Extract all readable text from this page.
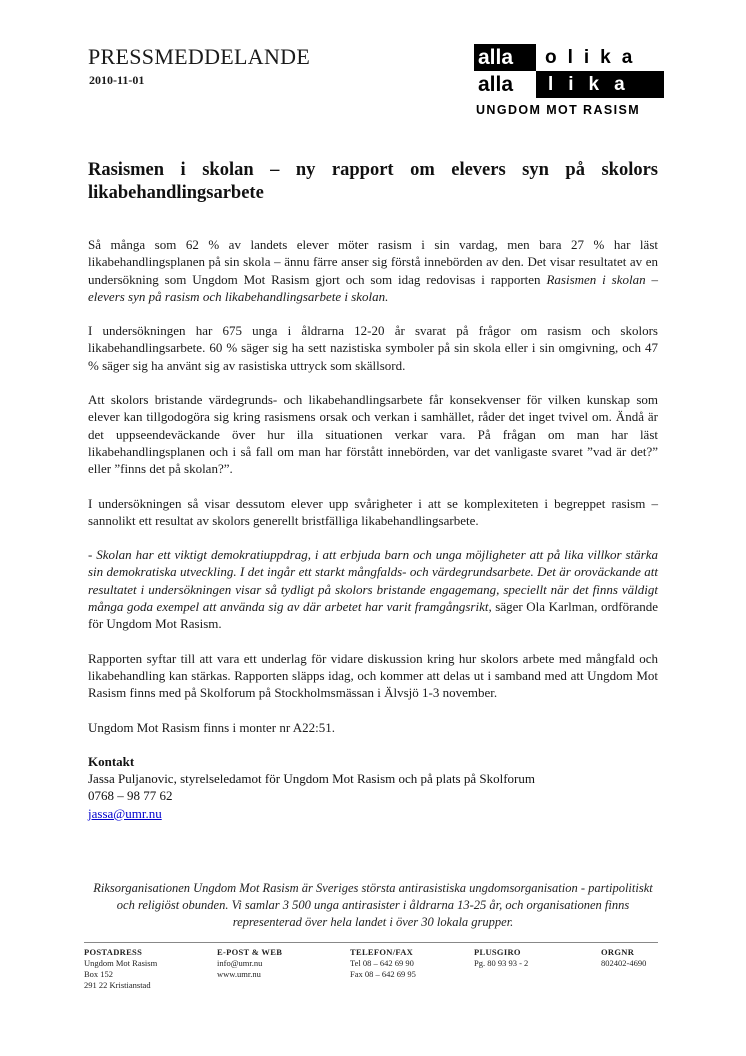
PRESSMEDDELANDE
2010-11-01
alla	olika
alla	lika
UNGDOM MOT RASISM
Rasismen i skolan – ny rapport om elevers syn på skolors likabehandlingsarbete

Så många som 62 % av landets elever möter rasism i sin vardag, men bara 27 % har läst likabehandlingsplanen på sin skola – ännu färre anser sig förstå innebörden av den. Det visar resultatet av en undersökning som Ungdom Mot Rasism gjort och som idag redovisas i rapporten Rasismen i skolan – elevers syn på rasism och likabehandlingsarbete i skolan.

I undersökningen har 675 unga i åldrarna 12-20 år svarat på frågor om rasism och skolors likabehandlingsarbete. 60 % säger sig ha sett nazistiska symboler på sin skola eller i sin omgivning, och 47 % säger sig ha använt sig av rasistiska uttryck som skällsord.

Att skolors bristande värdegrunds- och likabehandlingsarbete får konsekvenser för vilken kunskap som elever kan tillgodogöra sig kring rasismens orsak och verkan i samhället, råder det inget tvivel om. Ändå är det uppseendeväckande över hur illa situationen verkar vara. På frågan om man har läst likabehandlingsplanen och i så fall om man har förstått innebörden, var det vanligaste svaret ”vad är det?” eller ”finns det på skolan?”.

I undersökningen så visar dessutom elever upp svårigheter i att se komplexiteten i begreppet rasism – sannolikt ett resultat av skolors generellt bristfälliga likabehandlingsarbete.

- Skolan har ett viktigt demokratiuppdrag, i att erbjuda barn och unga möjligheter att på lika villkor stärka sin demokratiska utveckling. I det ingår ett starkt mångfalds- och värdegrundsarbete. Det är oroväckande att resultatet i undersökningen visar så tydligt på skolors bristande engagemang, speciellt när det finns väldigt många goda exempel att använda sig av där arbetet har varit framgångsrikt, säger Ola Karlman, ordförande för Ungdom Mot Rasism.

Rapporten syftar till att vara ett underlag för vidare diskussion kring hur skolors arbete med mångfald och likabehandling kan stärkas. Rapporten släpps idag, och kommer att delas ut i samband med att Ungdom Mot Rasism finns med på Skolforum på Stockholmsmässan i Älvsjö 1-3 november.

Ungdom Mot Rasism finns i monter nr A22:51.

Kontakt

Jassa Puljanovic, styrelseledamot för Ungdom Mot Rasism och på plats på Skolforum

0768 – 98 77 62

jassa@umr.nu

Riksorganisationen Ungdom Mot Rasism är Sveriges största antirasistiska ungdomsorganisation - partipolitiskt och religiöst obunden. Vi samlar 3 500 unga antirasister i åldrarna 13-25 år, och organisationen finns representerad över hela landet i över 30 lokala grupper.
POSTADRESS
Ungdom Mot Rasism
Box 152
291 22 Kristianstad
E-POST & WEB
info@umr.nu
www.umr.nu
TELEFON/FAX
Tel 08 – 642 69 90
Fax 08 – 642 69 95
PLUSGIRO
Pg. 80 93 93 - 2
ORGNR
802402-4690
